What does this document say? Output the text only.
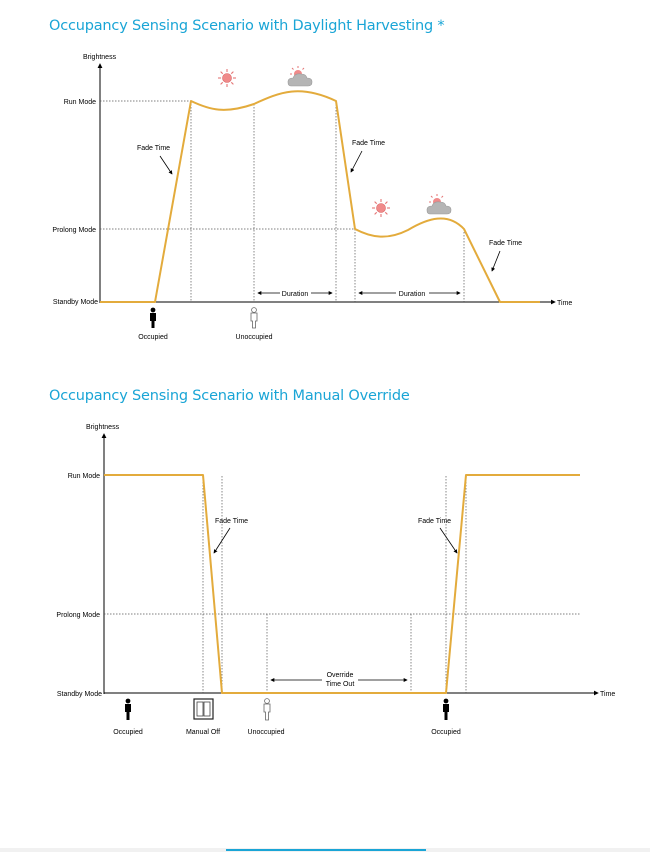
Occupancy Sensing Scenario with Daylight Harvesting *
Brightness
Time
Run Mode
Prolong Mode
Standby Mode
Fade Time
Fade Time
Fade Time
Duration	Duration
Occupied	Unoccupied
Occupancy Sensing Scenario with Manual Override
Brightness
Time
Run Mode
Prolong Mode
Standby Mode
Fade Time	Fade Time
Override
Time Out
Occupied	Manual Off	Unoccupied	Occupied
